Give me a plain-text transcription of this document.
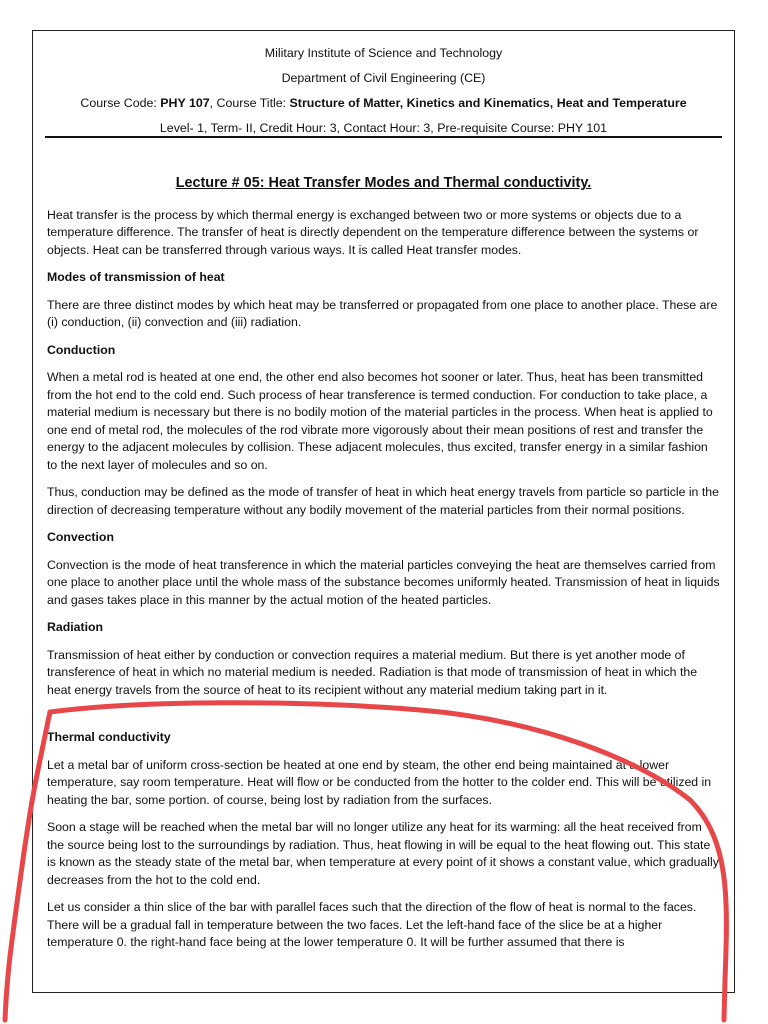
Military Institute of Science and Technology
Department of Civil Engineering (CE)
Course Code: PHY 107, Course Title: Structure of Matter, Kinetics and Kinematics, Heat and Temperature
Level- 1, Term- II, Credit Hour: 3, Contact Hour: 3, Pre-requisite Course: PHY 101
Lecture # 05: Heat Transfer Modes and Thermal conductivity.

Heat transfer is the process by which thermal energy is exchanged between two or more systems or objects due to a temperature difference. The transfer of heat is directly dependent on the temperature difference between the systems or objects. Heat can be transferred through various ways. It is called Heat transfer modes.

Modes of transmission of heat

There are three distinct modes by which heat may be transferred or propagated from one place to another place. These are (i) conduction, (ii) convection and (iii) radiation.

Conduction

When a metal rod is heated at one end, the other end also becomes hot sooner or later. Thus, heat has been transmitted from the hot end to the cold end. Such process of hear transference is termed conduction. For conduction to take place, a material medium is necessary but there is no bodily motion of the material particles in the process. When heat is applied to one end of metal rod, the molecules of the rod vibrate more vigorously about their mean positions of rest and transfer the energy to the adjacent molecules by collision. These adjacent molecules, thus excited, transfer energy in a similar fashion to the next layer of molecules and so on.

Thus, conduction may be defined as the mode of transfer of heat in which heat energy travels from particle so particle in the direction of decreasing temperature without any bodily movement of the material particles from their normal positions.

Convection

Convection is the mode of heat transference in which the material particles conveying the heat are themselves carried from one place to another place until the whole mass of the substance becomes uniformly heated. Transmission of heat in liquids and gases takes place in this manner by the actual motion of the heated particles.

Radiation

Transmission of heat either by conduction or convection requires a material medium. But there is yet another mode of transference of heat in which no material medium is needed. Radiation is that mode of transmission of heat in which the heat energy travels from the source of heat to its recipient without any material medium taking part in it.

Thermal conductivity

Let a metal bar of uniform cross-section be heated at one end by steam, the other end being maintained at a lower temperature, say room temperature. Heat will flow or be conducted from the hotter to the colder end. This will be utilized in heating the bar, some portion. of course, being lost by radiation from the surfaces.

Soon a stage will be reached when the metal bar will no longer utilize any heat for its warming: all the heat received from the source being lost to the surroundings by radiation. Thus, heat flowing in will be equal to the heat flowing out. This state is known as the steady state of the metal bar, when temperature at every point of it shows a constant value, which gradually decreases from the hot to the cold end.

Let us consider a thin slice of the bar with parallel faces such that the direction of the flow of heat is normal to the faces. There will be a gradual fall in temperature between the two faces. Let the left-hand face of the slice be at a higher temperature 0. the right-hand face being at the lower temperature 0. It will be further assumed that there is
